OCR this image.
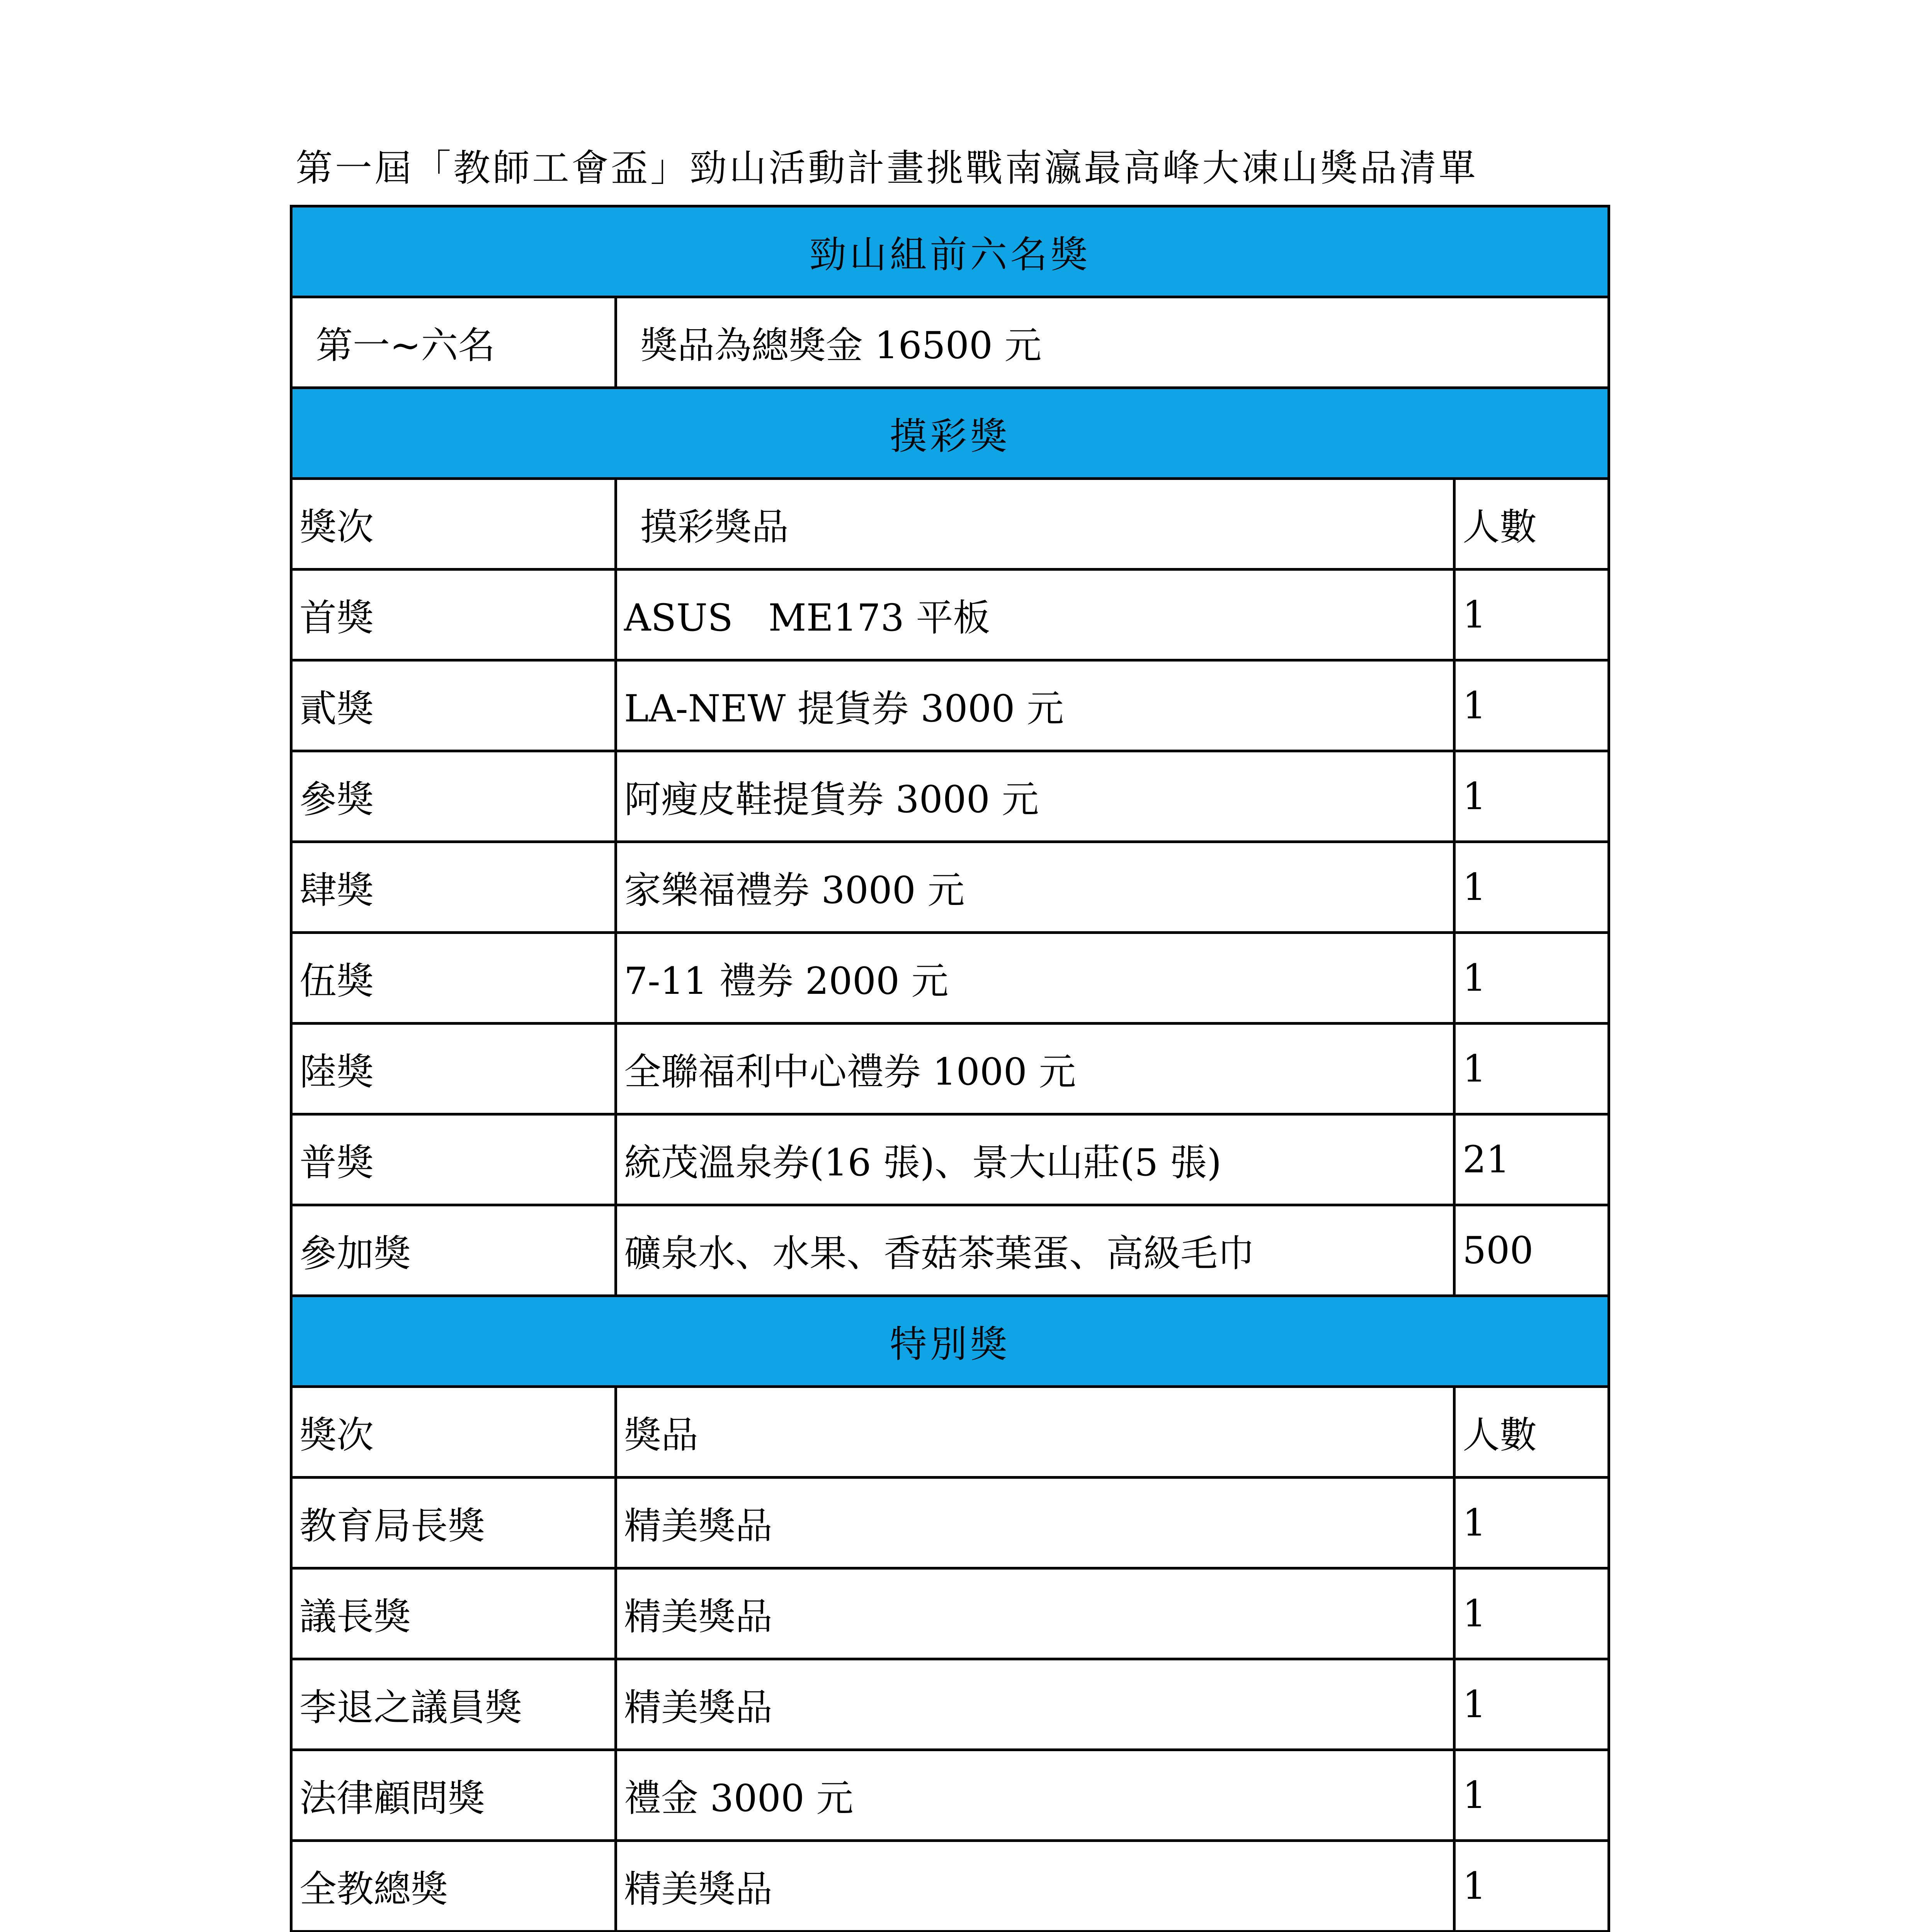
第一屆「教師工會盃」勁山活動計畫挑戰南瀛最高峰大凍山獎品清單
勁山組前六名獎		
第一~六名	獎品為總獎金 16500 元	
摸彩獎		
獎次	摸彩獎品	人數
首獎	ASUS   ME173 平板	1
貳獎	LA-NEW 提貨券 3000 元	1
參獎	阿瘦皮鞋提貨券 3000 元	1
肆獎	家樂福禮券 3000 元	1
伍獎	7-11 禮券 2000 元	1
陸獎	全聯福利中心禮券 1000 元	1
普獎	統茂溫泉券(16 張)、景大山莊(5 張)	21
參加獎	礦泉水、水果、香菇茶葉蛋、高級毛巾	500
特別獎		
獎次	獎品	人數
教育局長獎	精美獎品	1
議長獎	精美獎品	1
李退之議員獎	精美獎品	1
法律顧問獎	禮金 3000 元	1
全教總獎	精美獎品	1
